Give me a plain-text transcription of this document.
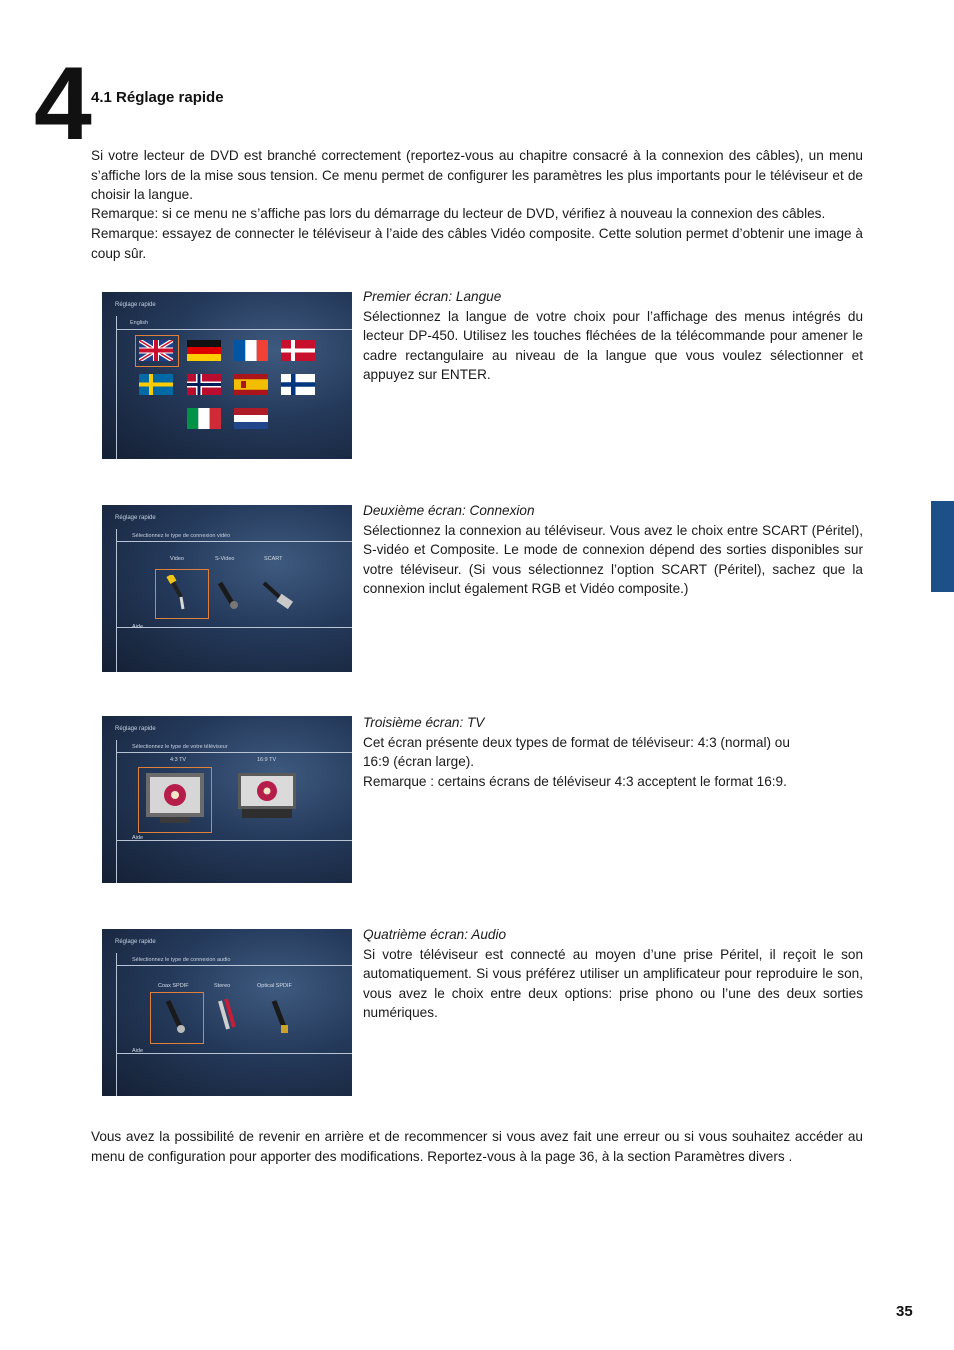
4 4.1 Réglage rapide

Si votre lecteur de DVD est branché correctement (reportez-vous au chapitre consacré à la connexion des câbles), un menu s’affiche lors de la mise sous tension. Ce menu permet de configurer les paramètres les plus importants pour le téléviseur et de choisir la langue.

Remarque: si ce menu ne s’affiche pas lors du démarrage du lecteur de DVD, vérifiez à nouveau la connexion des câbles.

Remarque: essayez de connecter le téléviseur à l’aide des câbles Vidéo composite. Cette solution permet d’obtenir une image à coup sûr.

Réglage rapide
English
Premier écran: Langue
Sélectionnez la langue de votre choix pour l’affichage des menus intégrés du lecteur DP-450. Utilisez les touches fléchées de la télécommande pour amener le cadre rectangulaire au niveau de la langue que vous voulez sélectionner et appuyez sur ENTER.
Réglage rapide
Sélectionnez le type de connexion vidéo
Video	S-Video	SCART
Aide
Deuxième écran: Connexion
Sélectionnez la connexion au téléviseur. Vous avez le choix entre SCART (Péritel), S-vidéo et Composite. Le mode de connexion dépend des sorties disponibles sur votre téléviseur. (Si vous sélectionnez l’option SCART (Péritel), sachez que la connexion inclut également RGB et Vidéo composite.)
Réglage rapide
Sélectionnez le type de votre téléviseur
4:3 TV	16:9 TV
Aide
Troisième écran: TV
Cet écran présente deux types de format de téléviseur: 4:3 (normal) ou
16:9 (écran large).
Remarque : certains écrans de téléviseur 4:3 acceptent le format 16:9.
Réglage rapide
Sélectionnez le type de connexion audio
Coax SPDIF	Stereo	Optical SPDIF
Aide
Quatrième écran: Audio
Si votre téléviseur est connecté au moyen d’une prise Péritel, il reçoit le son automatiquement. Si vous préférez utiliser un amplificateur pour reproduire le son, vous avez le choix entre deux options: prise phono ou l’une des deux sorties numériques.

Vous avez la possibilité de revenir en arrière et de recommencer si vous avez fait une erreur ou si vous souhaitez accéder au menu de configuration pour apporter des modifications. Reportez-vous à la page 36, à la section Paramètres divers .

35
